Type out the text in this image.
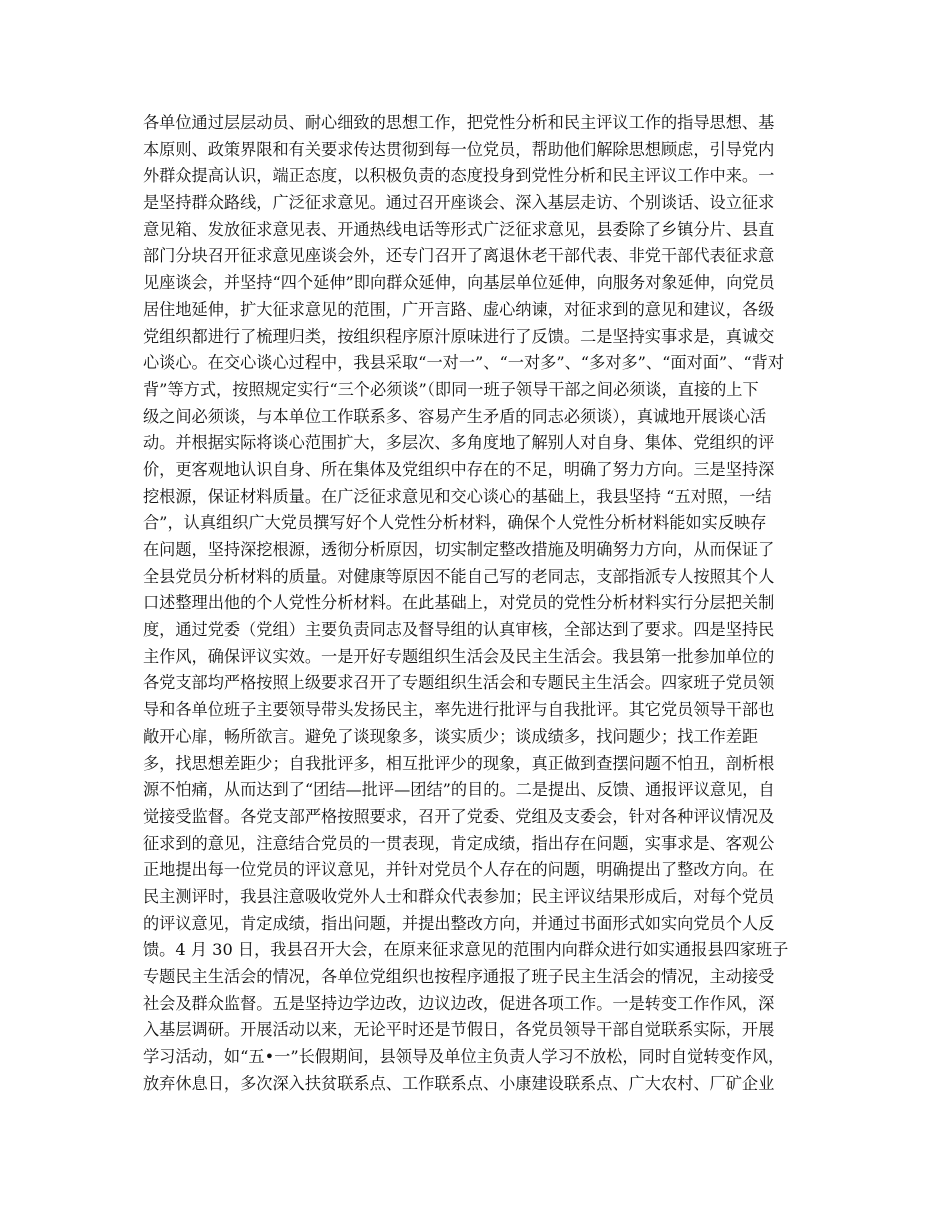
各单位通过层层动员、耐心细致的思想工作，把党性分析和民主评议工作的指导思想、基
本原则、政策界限和有关要求传达贯彻到每一位党员，帮助他们解除思想顾虑，引导党内
外群众提高认识，端正态度，以积极负责的态度投身到党性分析和民主评议工作中来。一
是坚持群众路线，广泛征求意见。通过召开座谈会、深入基层走访、个别谈话、设立征求
意见箱、发放征求意见表、开通热线电话等形式广泛征求意见，县委除了乡镇分片、县直
部门分块召开征求意见座谈会外，还专门召开了离退休老干部代表、非党干部代表征求意
见座谈会，并坚持“四个延伸”即向群众延伸，向基层单位延伸，向服务对象延伸，向党员
居住地延伸，扩大征求意见的范围，广开言路、虚心纳谏，对征求到的意见和建议，各级
党组织都进行了梳理归类，按组织程序原汁原味进行了反馈。二是坚持实事求是，真诚交
心谈心。在交心谈心过程中，我县采取“一对一”、“一对多”、“多对多”、“面对面”、“背对
背”等方式，按照规定实行“三个必须谈”（即同一班子领导干部之间必须谈，直接的上下
级之间必须谈，与本单位工作联系多、容易产生矛盾的同志必须谈），真诚地开展谈心活
动。并根据实际将谈心范围扩大，多层次、多角度地了解别人对自身、集体、党组织的评
价，更客观地认识自身、所在集体及党组织中存在的不足，明确了努力方向。三是坚持深
挖根源，保证材料质量。在广泛征求意见和交心谈心的基础上，我县坚持 “五对照，一结
合”，认真组织广大党员撰写好个人党性分析材料，确保个人党性分析材料能如实反映存
在问题，坚持深挖根源，透彻分析原因，切实制定整改措施及明确努力方向，从而保证了
全县党员分析材料的质量。对健康等原因不能自己写的老同志，支部指派专人按照其个人
口述整理出他的个人党性分析材料。在此基础上，对党员的党性分析材料实行分层把关制
度，通过党委（党组）主要负责同志及督导组的认真审核，全部达到了要求。四是坚持民
主作风，确保评议实效。一是开好专题组织生活会及民主生活会。我县第一批参加单位的
各党支部均严格按照上级要求召开了专题组织生活会和专题民主生活会。四家班子党员领
导和各单位班子主要领导带头发扬民主，率先进行批评与自我批评。其它党员领导干部也
敞开心扉，畅所欲言。避免了谈现象多，谈实质少；谈成绩多，找问题少；找工作差距
多，找思想差距少；自我批评多，相互批评少的现象，真正做到查摆问题不怕丑，剖析根
源不怕痛，从而达到了“团结—批评—团结”的目的。二是提出、反馈、通报评议意见，自
觉接受监督。各党支部严格按照要求，召开了党委、党组及支委会，针对各种评议情况及
征求到的意见，注意结合党员的一贯表现，肯定成绩，指出存在问题，实事求是、客观公
正地提出每一位党员的评议意见，并针对党员个人存在的问题，明确提出了整改方向。在
民主测评时，我县注意吸收党外人士和群众代表参加；民主评议结果形成后，对每个党员
的评议意见，肯定成绩，指出问题，并提出整改方向，并通过书面形式如实向党员个人反
馈。4 月 30 日，我县召开大会，在原来征求意见的范围内向群众进行如实通报县四家班子
专题民主生活会的情况，各单位党组织也按程序通报了班子民主生活会的情况，主动接受
社会及群众监督。五是坚持边学边改，边议边改，促进各项工作。一是转变工作作风，深
入基层调研。开展活动以来，无论平时还是节假日，各党员领导干部自觉联系实际，开展
学习活动，如“五•一”长假期间，县领导及单位主负责人学习不放松，同时自觉转变作风，
放弃休息日，多次深入扶贫联系点、工作联系点、小康建设联系点、广大农村、厂矿企业
